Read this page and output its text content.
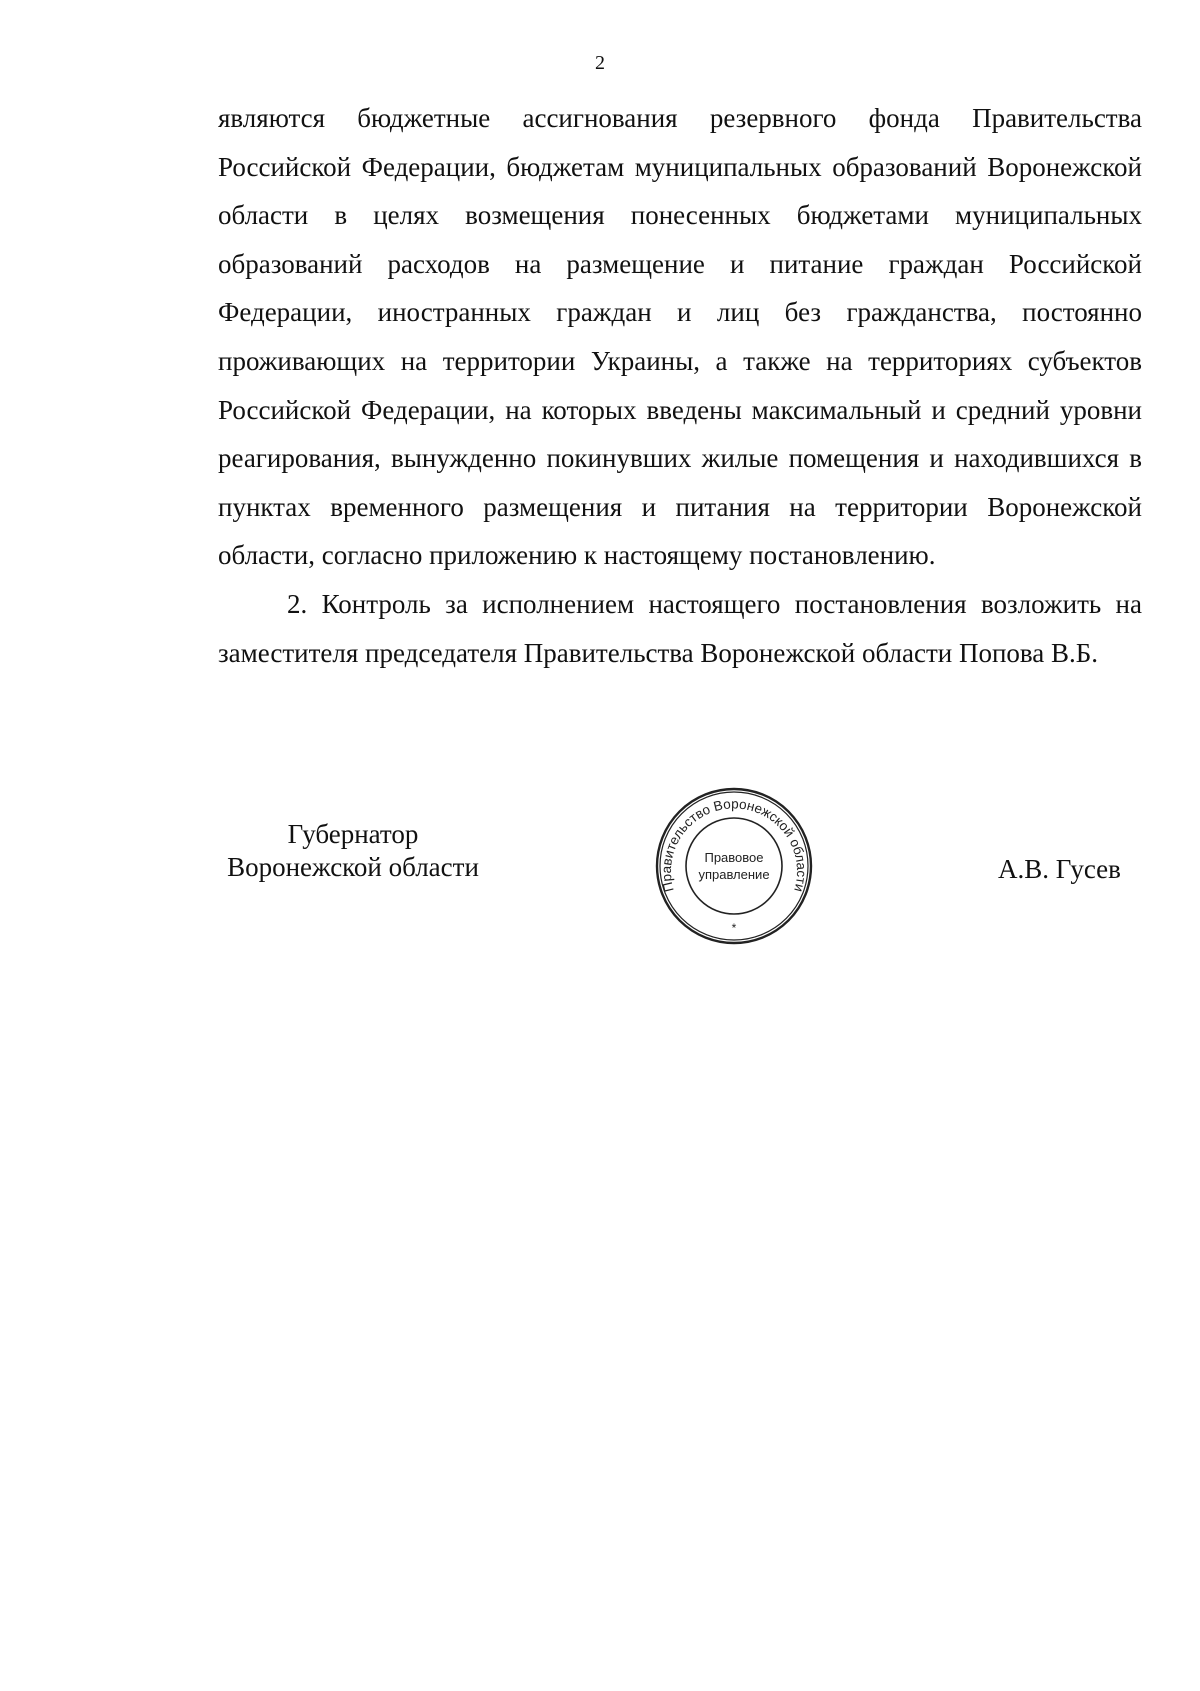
2

являются бюджетные ассигнования резервного фонда Правительства Российской Федерации, бюджетам муниципальных образований Воронежской области в целях возмещения понесенных бюджетами муниципальных образований расходов на размещение и питание граждан Российской Федерации, иностранных граждан и лиц без гражданства, постоянно проживающих на территории Украины, а также на территориях субъектов Российской Федерации, на которых введены максимальный и средний уровни реагирования, вынужденно покинувших жилые помещения и находившихся в пунктах временного размещения и питания на территории Воронежской области, согласно приложению к настоящему постановлению.

2. Контроль за исполнением настоящего постановления возложить на заместителя председателя Правительства Воронежской области Попова В.Б.

Губернатор
Воронежской области
Правительство Воронежской области
Правовое
управление
*
А.В. Гусев
